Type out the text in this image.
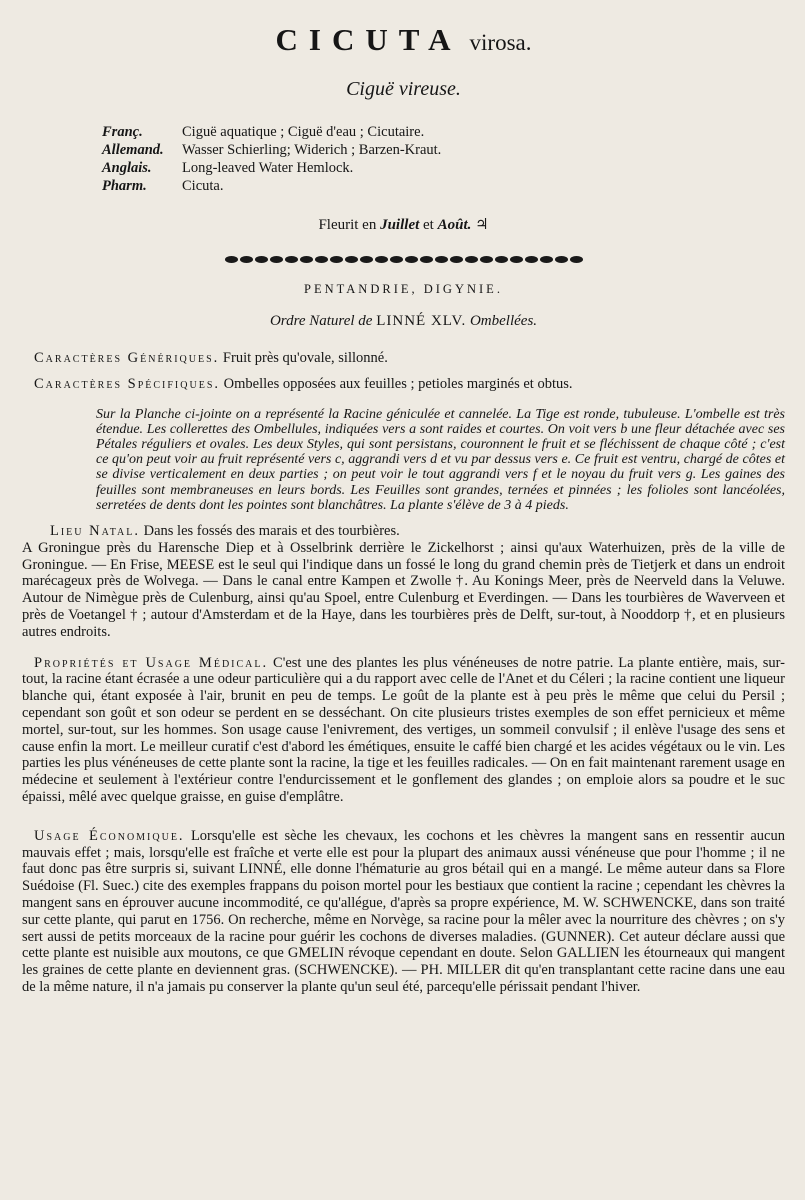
CICUTA virosa.
Ciguë vireuse.
Franç.	Ciguë aquatique ; Ciguë d'eau ; Cicutaire.
Allemand. Wasser Schierling; Widerich ; Barzen-Kraut.
Anglais. Long-leaved Water Hemlock.
Pharm. Cicuta.
Fleurit en Juillet et Août. ♃
PENTANDRIE, DIGYNIE.
Ordre Naturel de LINNÉ XLV. Ombellées.

Caractères Génériques. Fruit près qu'ovale, sillonné.

Caractères Spécifiques. Ombelles opposées aux feuilles ; petioles marginés et obtus.

Sur la Planche ci-jointe on a représenté la Racine géniculée et cannelée. La Tige est ronde, tubuleuse. L'ombelle est très étendue. Les collerettes des Ombellules, indiquées vers a sont raides et courtes. On voit vers b une fleur détachée avec ses Pétales réguliers et ovales. Les deux Styles, qui sont persistans, couronnent le fruit et se fléchissent de chaque côté ; c'est ce qu'on peut voir au fruit représenté vers c, aggrandi vers d et vu par dessus vers e. Ce fruit est ventru, chargé de côtes et se divise verticalement en deux parties ; on peut voir le tout aggrandi vers f et le noyau du fruit vers g. Les gaines des feuilles sont membraneuses en leurs bords. Les Feuilles sont grandes, ternées et pinnées ; les folioles sont lancéolées, serretées de dents dont les pointes sont blanchâtres. La plante s'élève de 3 à 4 pieds.

Lieu Natal. Dans les fossés des marais et des tourbières.
A Groningue près du Harensche Diep et à Osselbrink derrière le Zickelhorst ; ainsi qu'aux Waterhuizen, près de la ville de Groningue. — En Frise, MEESE est le seul qui l'indique dans un fossé le long du grand chemin près de Tietjerk et dans un endroit marécageux près de Wolvega. — Dans le canal entre Kampen et Zwolle †. Au Konings Meer, près de Neerveld dans la Veluwe. Autour de Nimègue près de Culenburg, ainsi qu'au Spoel, entre Culenburg et Everdingen. — Dans les tourbières de Waverveen et près de Voetangel † ; autour d'Amsterdam et de la Haye, dans les tourbières près de Delft, sur-tout, à Nooddorp †, et en plusieurs autres endroits.

Propriétés et Usage Médical. C'est une des plantes les plus vénéneuses de notre patrie. La plante entière, mais, sur-tout, la racine étant écrasée a une odeur particulière qui a du rapport avec celle de l'Anet et du Céleri ; la racine contient une liqueur blanche qui, étant exposée à l'air, brunit en peu de temps. Le goût de la plante est à peu près le même que celui du Persil ; cependant son goût et son odeur se perdent en se desséchant. On cite plusieurs tristes exemples de son effet pernicieux et même mortel, sur-tout, sur les hommes. Son usage cause l'enivrement, des vertiges, un sommeil convulsif ; il enlève l'usage des sens et cause enfin la mort. Le meilleur curatif c'est d'abord les émétiques, ensuite le caffé bien chargé et les acides végétaux ou le vin. Les parties les plus vénéneuses de cette plante sont la racine, la tige et les feuilles radicales. — On en fait maintenant rarement usage en médecine et seulement à l'extérieur contre l'endurcissement et le gonflement des glandes ; on emploie alors sa poudre et le suc épaissi, mêlé avec quelque graisse, en guise d'emplâtre.

Usage Économique. Lorsqu'elle est sèche les chevaux, les cochons et les chèvres la mangent sans en ressentir aucun mauvais effet ; mais, lorsqu'elle est fraîche et verte elle est pour la plupart des animaux aussi vénéneuse que pour l'homme ; il ne faut donc pas être surpris si, suivant LINNÉ, elle donne l'hématurie au gros bétail qui en a mangé. Le même auteur dans sa Flore Suédoise (Fl. Suec.) cite des exemples frappans du poison mortel pour les bestiaux que contient la racine ; cependant les chèvres la mangent sans en éprouver aucune incommodité, ce qu'allégue, d'après sa propre expérience, M. W. SCHWENCKE, dans son traité sur cette plante, qui parut en 1756. On recherche, même en Norvège, sa racine pour la mêler avec la nourriture des chèvres ; on s'y sert aussi de petits morceaux de la racine pour guérir les cochons de diverses maladies. (GUNNER). Cet auteur déclare aussi que cette plante est nuisible aux moutons, ce que GMELIN révoque cependant en doute. Selon GALLIEN les étourneaux qui mangent les graines de cette plante en deviennent gras. (SCHWENCKE). — PH. MILLER dit qu'en transplantant cette racine dans une eau de la même nature, il n'a jamais pu conserver la plante qu'un seul été, parcequ'elle périssait pendant l'hiver.
